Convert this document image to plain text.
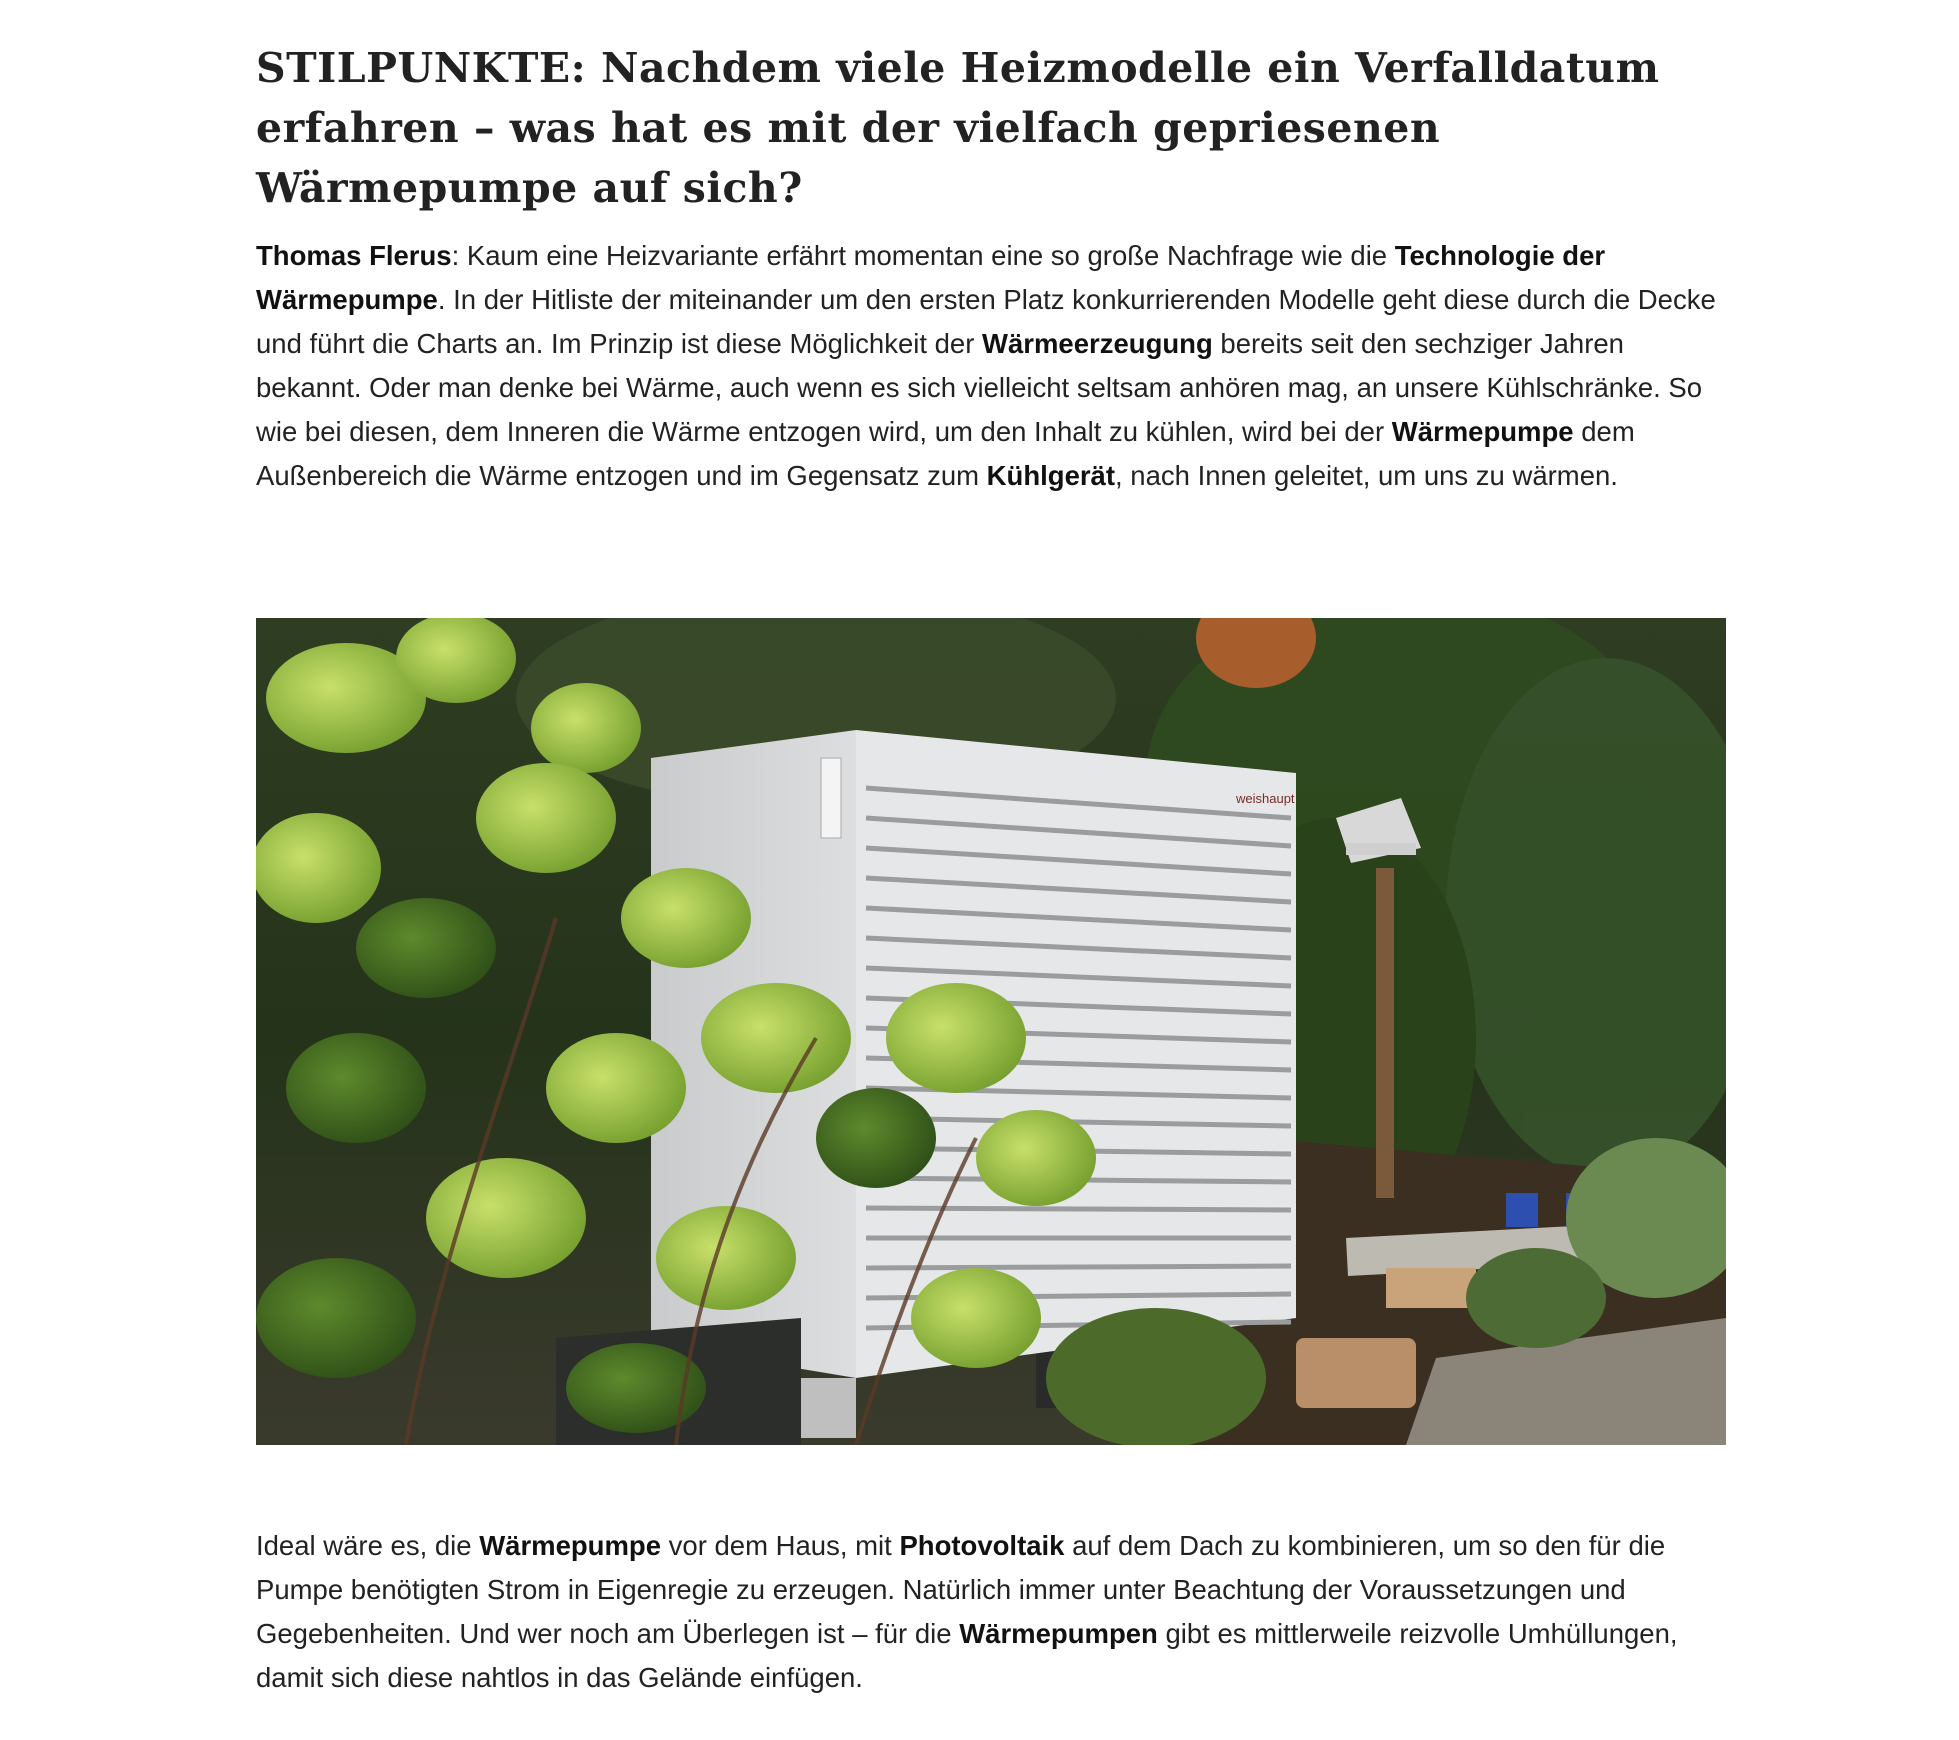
STILPUNKTE: Nachdem viele Heizmodelle ein Verfalldatum erfahren – was hat es mit der vielfach gepriesenen Wärmepumpe auf sich?

Thomas Flerus: Kaum eine Heizvariante erfährt momentan eine so große Nachfrage wie die Technologie der Wärmepumpe. In der Hitliste der miteinander um den ersten Platz konkurrierenden Modelle geht diese durch die Decke und führt die Charts an. Im Prinzip ist diese Möglichkeit der Wärmeerzeugung bereits seit den sechziger Jahren bekannt. Oder man denke bei Wärme, auch wenn es sich vielleicht seltsam anhören mag, an unsere Kühlschränke. So wie bei diesen, dem Inneren die Wärme entzogen wird, um den Inhalt zu kühlen, wird bei der Wärmepumpe dem Außenbereich die Wärme entzogen und im Gegensatz zum Kühlgerät, nach Innen geleitet, um uns zu wärmen.

Ideal wäre es, die Wärmepumpe vor dem Haus, mit Photovoltaik auf dem Dach zu kombinieren, um so den für die Pumpe benötigten Strom in Eigenregie zu erzeugen. Natürlich immer unter Beachtung der Voraussetzungen und Gegebenheiten. Und wer noch am Überlegen ist – für die Wärmepumpen gibt es mittlerweile reizvolle Umhüllungen, damit sich diese nahtlos in das Gelände einfügen.

weishaupt
